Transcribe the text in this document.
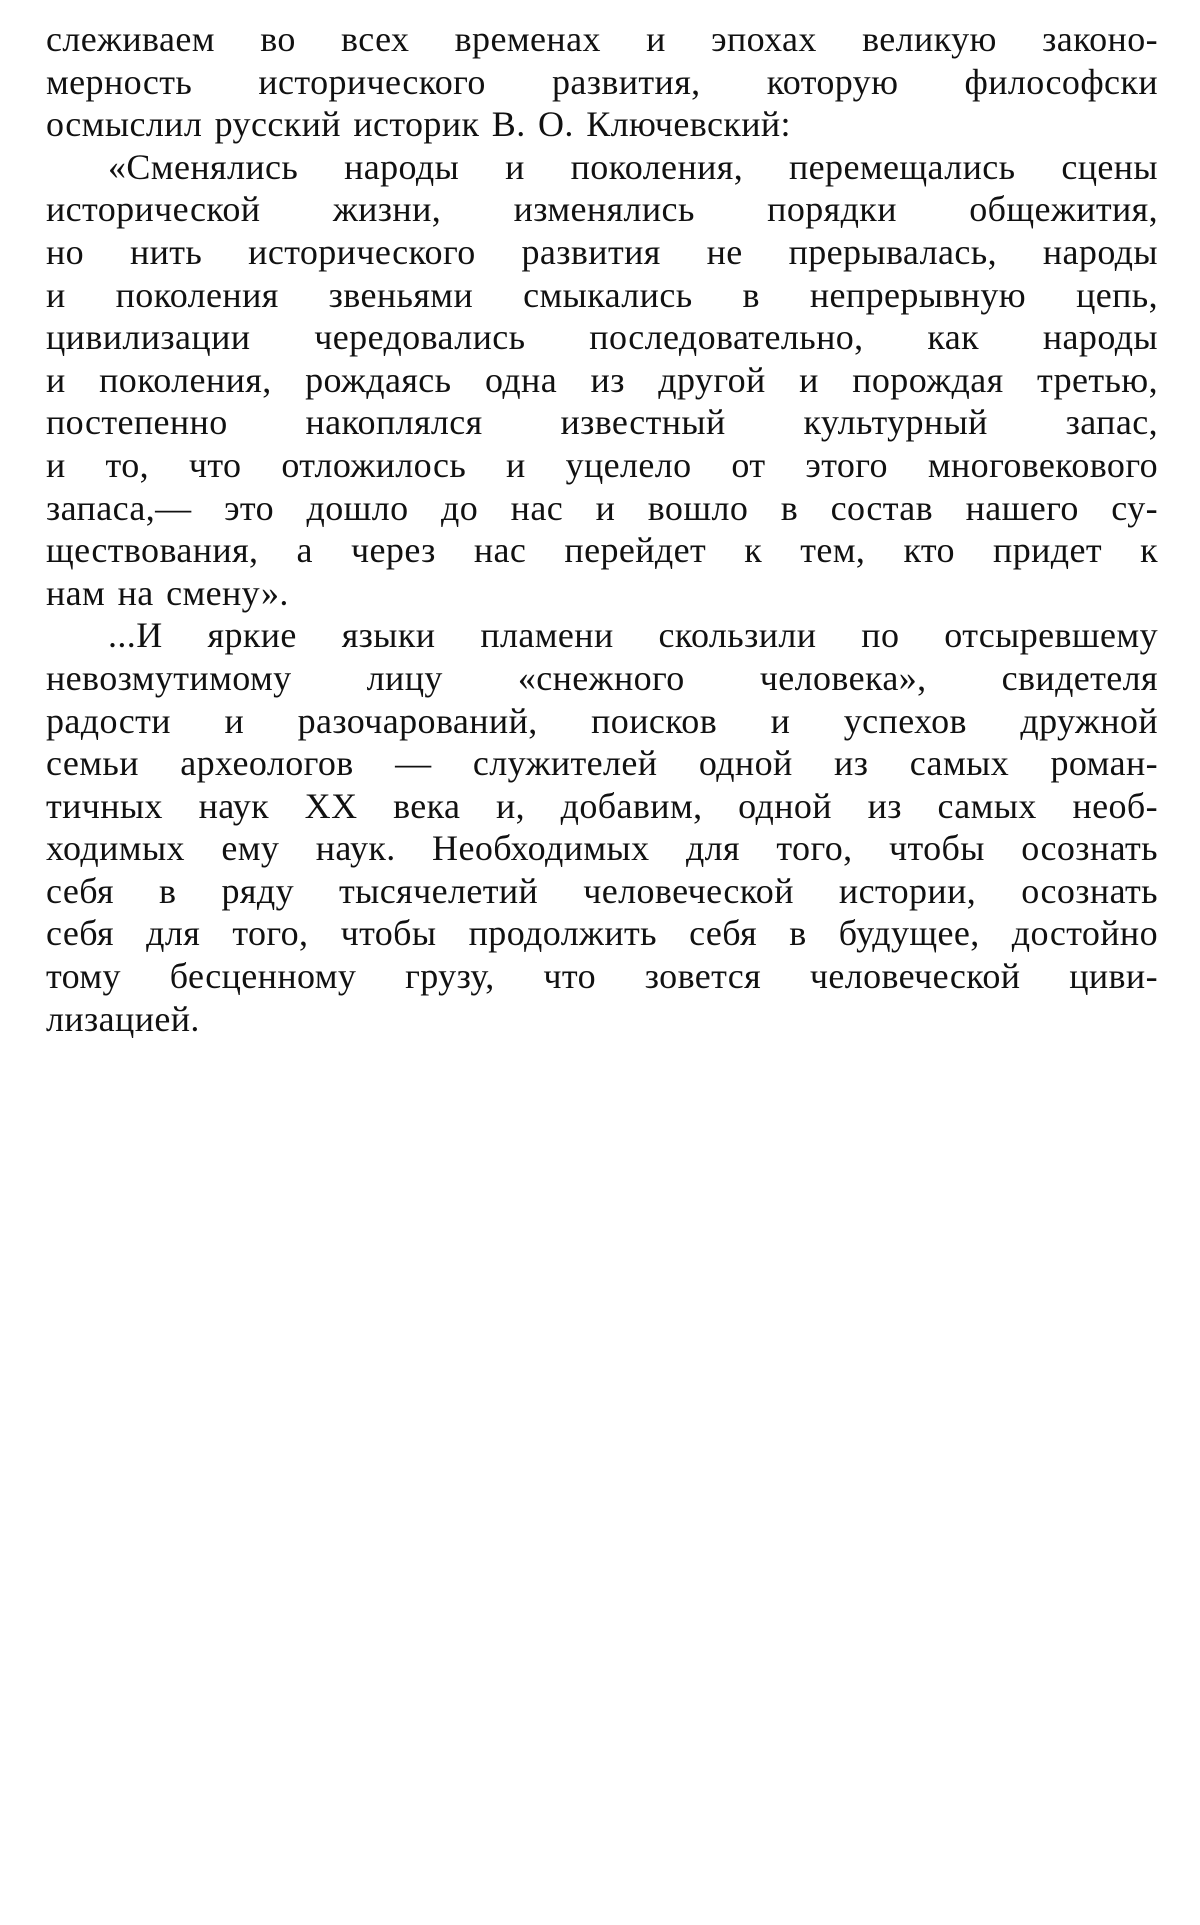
слеживаем во всех временах и эпохах великую законо-
мерность исторического развития, которую философски
осмыслил русский историк В. О. Ключевский:
«Сменялись народы и поколения, перемещались сцены
исторической жизни, изменялись порядки общежития,
но нить исторического развития не прерывалась, народы
и поколения звеньями смыкались в непрерывную цепь,
цивилизации чередовались последовательно, как народы
и поколения, рождаясь одна из другой и порождая третью,
постепенно накоплялся известный культурный запас,
и то, что отложилось и уцелело от этого многовекового
запаса,— это дошло до нас и вошло в состав нашего су-
ществования, а через нас перейдет к тем, кто придет к
нам на смену».
...И яркие языки пламени скользили по отсыревшему
невозмутимому лицу «снежного человека», свидетеля
радости и разочарований, поисков и успехов дружной
семьи археологов — служителей одной из самых роман-
тичных наук XX века и, добавим, одной из самых необ-
ходимых ему наук. Необходимых для того, чтобы осознать
себя в ряду тысячелетий человеческой истории, осознать
себя для того, чтобы продолжить себя в будущее, достойно
тому бесценному грузу, что зовется человеческой циви-
лизацией.
